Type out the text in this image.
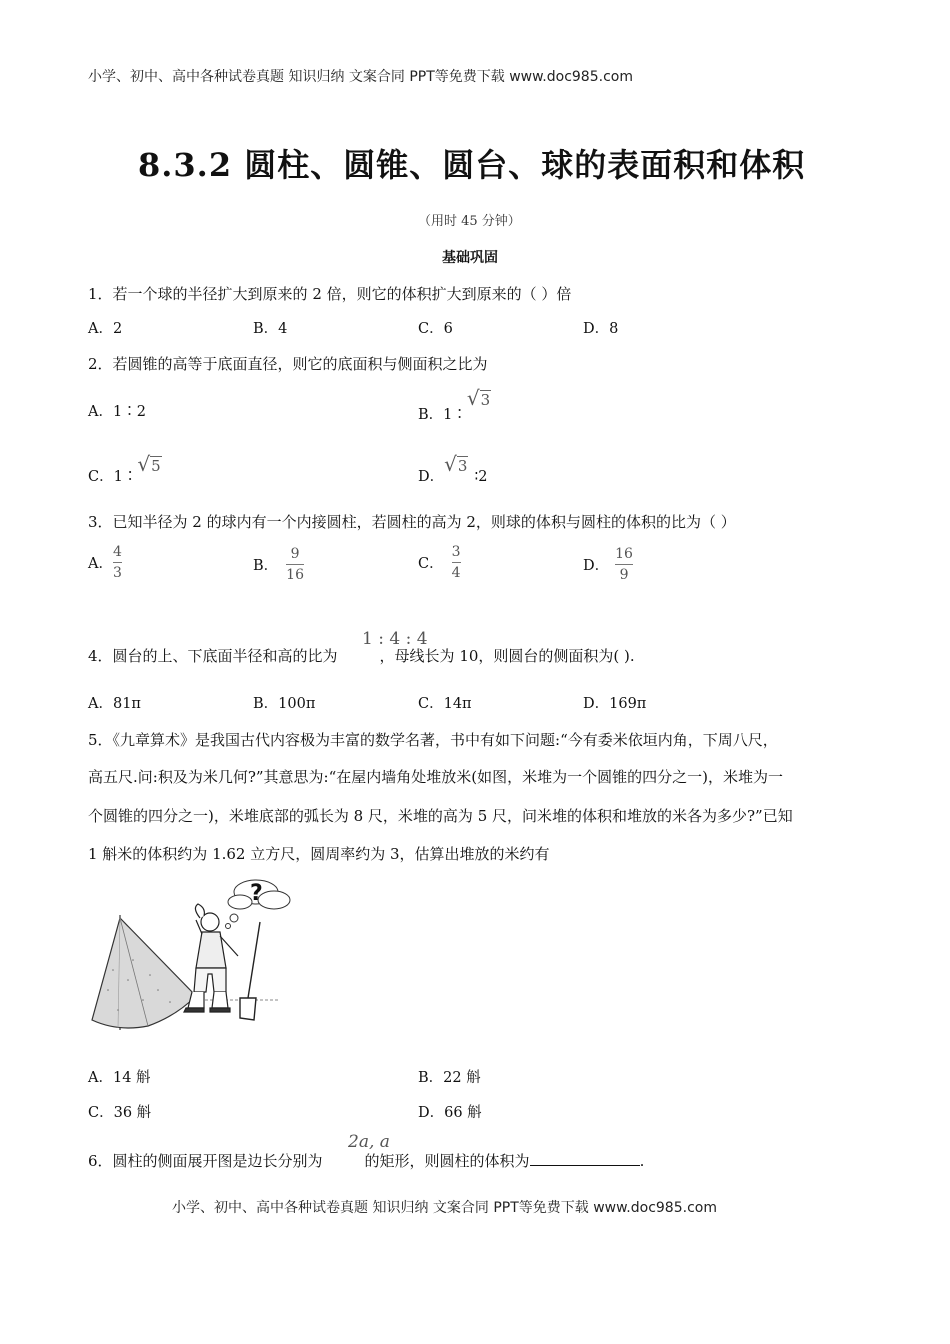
小学、初中、高中各种试卷真题 知识归纳 文案合同 PPT等免费下载 www.doc985.com
8.3.2 圆柱、圆锥、圆台、球的表面积和体积
（用时 45 分钟）
基础巩固
1．若一个球的半径扩大到原来的 2 倍，则它的体积扩大到原来的（ ）倍
A．2	B．4	C．6	D．8
2．若圆锥的高等于底面直径，则它的底面积与侧面积之比为
A．1∶2	B．1∶√3
C．1∶√5
D．√3∶2
3．已知半径为 2 的球内有一个内接圆柱，若圆柱的高为 2，则球的体积与圆柱的体积的比为（ ）
A． $\frac{4}{3}$	B． $\frac{9}{16}$	C． $\frac{3}{4}$	D． $\frac{16}{9}$
1 : 4 : 4
4．圆台的上、下底面半径和高的比为	，母线长为 10，则圆台的侧面积为( ).
A．81π	B．100π	C．14π	D．169π
5．《九章算术》是我国古代内容极为丰富的数学名著，书中有如下问题:“今有委米依垣内角，下周八尺，
高五尺.问:积及为米几何?”其意思为:“在屋内墙角处堆放米(如图，米堆为一个圆锥的四分之一)，米堆为一
个圆锥的四分之一)，米堆底部的弧长为 8 尺，米堆的高为 5 尺，问米堆的体积和堆放的米各为多少?”已知
1 斛米的体积约为 1.62 立方尺，圆周率约为 3，估算出堆放的米约有
?
A．14 斛	B．22 斛
C．36 斛	D．66 斛
2a, a
6．圆柱的侧面展开图是边长分别为	的矩形，则圆柱的体积为	.
小学、初中、高中各种试卷真题 知识归纳 文案合同 PPT等免费下载 www.doc985.com
